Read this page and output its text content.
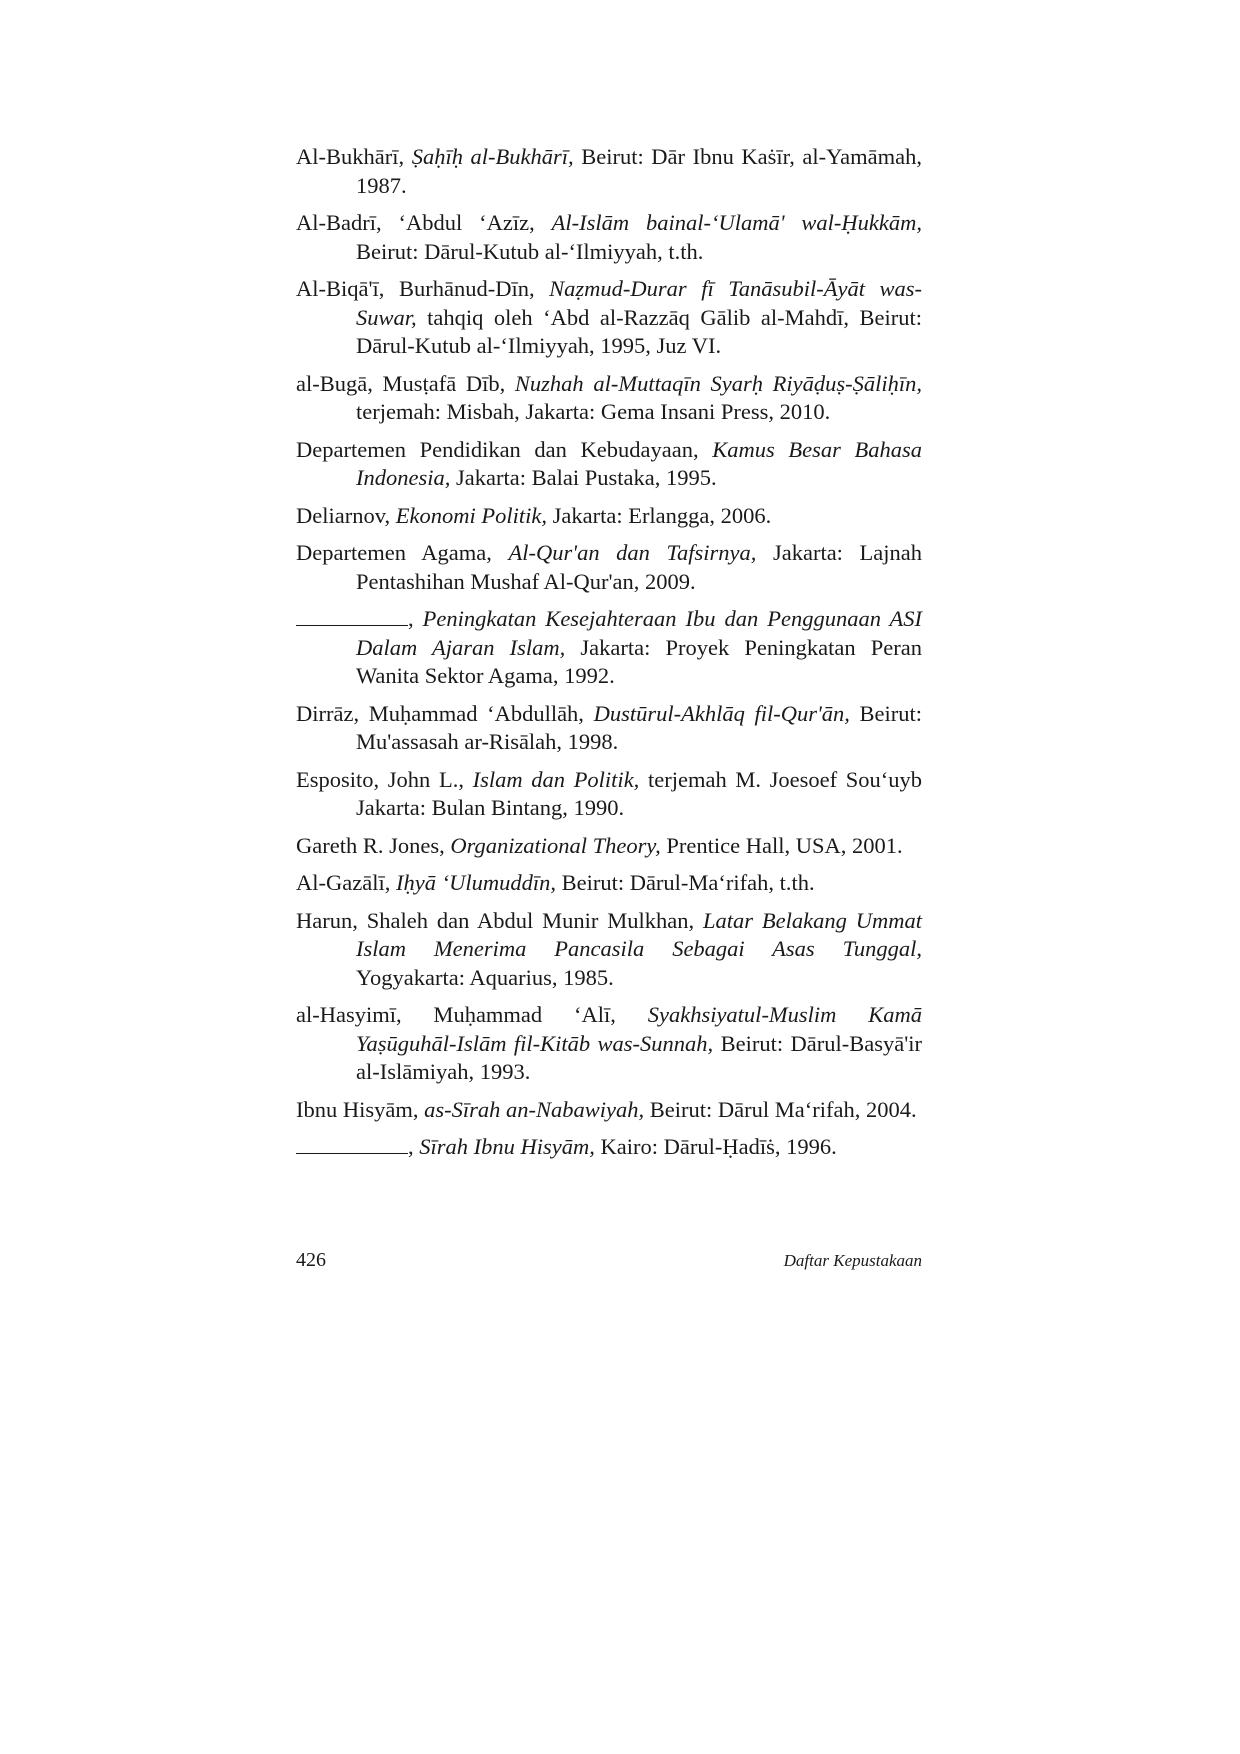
Al-Bukhārī, Ṣaḥīḥ al-Bukhārī, Beirut: Dār Ibnu Kaṡīr, al-Yamāmah, 1987.

Al-Badrī, ‘Abdul ‘Azīz, Al-Islām bainal-‘Ulamā' wal-Ḥukkām, Beirut: Dārul-Kutub al-‘Ilmiyyah, t.th.

Al-Biqā'ī, Burhānud-Dīn, Naẓmud-Durar fī Tanāsubil-Āyāt was-Suwar, tahqiq oleh ‘Abd al-Razzāq Gālib al-Mahdī, Beirut: Dārul-Kutub al-‘Ilmiyyah, 1995, Juz VI.

al-Bugā, Musṭafā Dīb, Nuzhah al-Muttaqīn Syarḥ Riyāḍuṣ-Ṣāliḥīn, terjemah: Misbah, Jakarta: Gema Insani Press, 2010.

Departemen Pendidikan dan Kebudayaan, Kamus Besar Bahasa Indonesia, Jakarta: Balai Pustaka, 1995.

Deliarnov, Ekonomi Politik, Jakarta: Erlangga, 2006.

Departemen Agama, Al-Qur'an dan Tafsirnya, Jakarta: Lajnah Pentashihan Mushaf Al-Qur'an, 2009.

, Peningkatan Kesejahteraan Ibu dan Penggunaan ASI Dalam Ajaran Islam, Jakarta: Proyek Peningkatan Peran Wanita Sektor Agama, 1992.

Dirrāz, Muḥammad ‘Abdullāh, Dustūrul-Akhlāq fil-Qur'ān, Beirut: Mu'assasah ar-Risālah, 1998.

Esposito, John L., Islam dan Politik, terjemah M. Joesoef Sou‘uyb Jakarta: Bulan Bintang, 1990.

Gareth R. Jones, Organizational Theory, Prentice Hall, USA, 2001.

Al-Gazālī, Iḥyā ‘Ulumuddīn, Beirut: Dārul-Ma‘rifah, t.th.

Harun, Shaleh dan Abdul Munir Mulkhan, Latar Belakang Ummat Islam Menerima Pancasila Sebagai Asas Tunggal, Yogyakarta: Aquarius, 1985.

al-Hasyimī, Muḥammad ‘Alī, Syakhsiyatul-Muslim Kamā Yaṣūguhāl-Islām fil-Kitāb was-Sunnah, Beirut: Dārul-Basyā'ir al-Islāmiyah, 1993.

Ibnu Hisyām, as-Sīrah an-Nabawiyah, Beirut: Dārul Ma‘rifah, 2004.

, Sīrah Ibnu Hisyām, Kairo: Dārul-Ḥadīṡ, 1996.

426	Daftar Kepustakaan
